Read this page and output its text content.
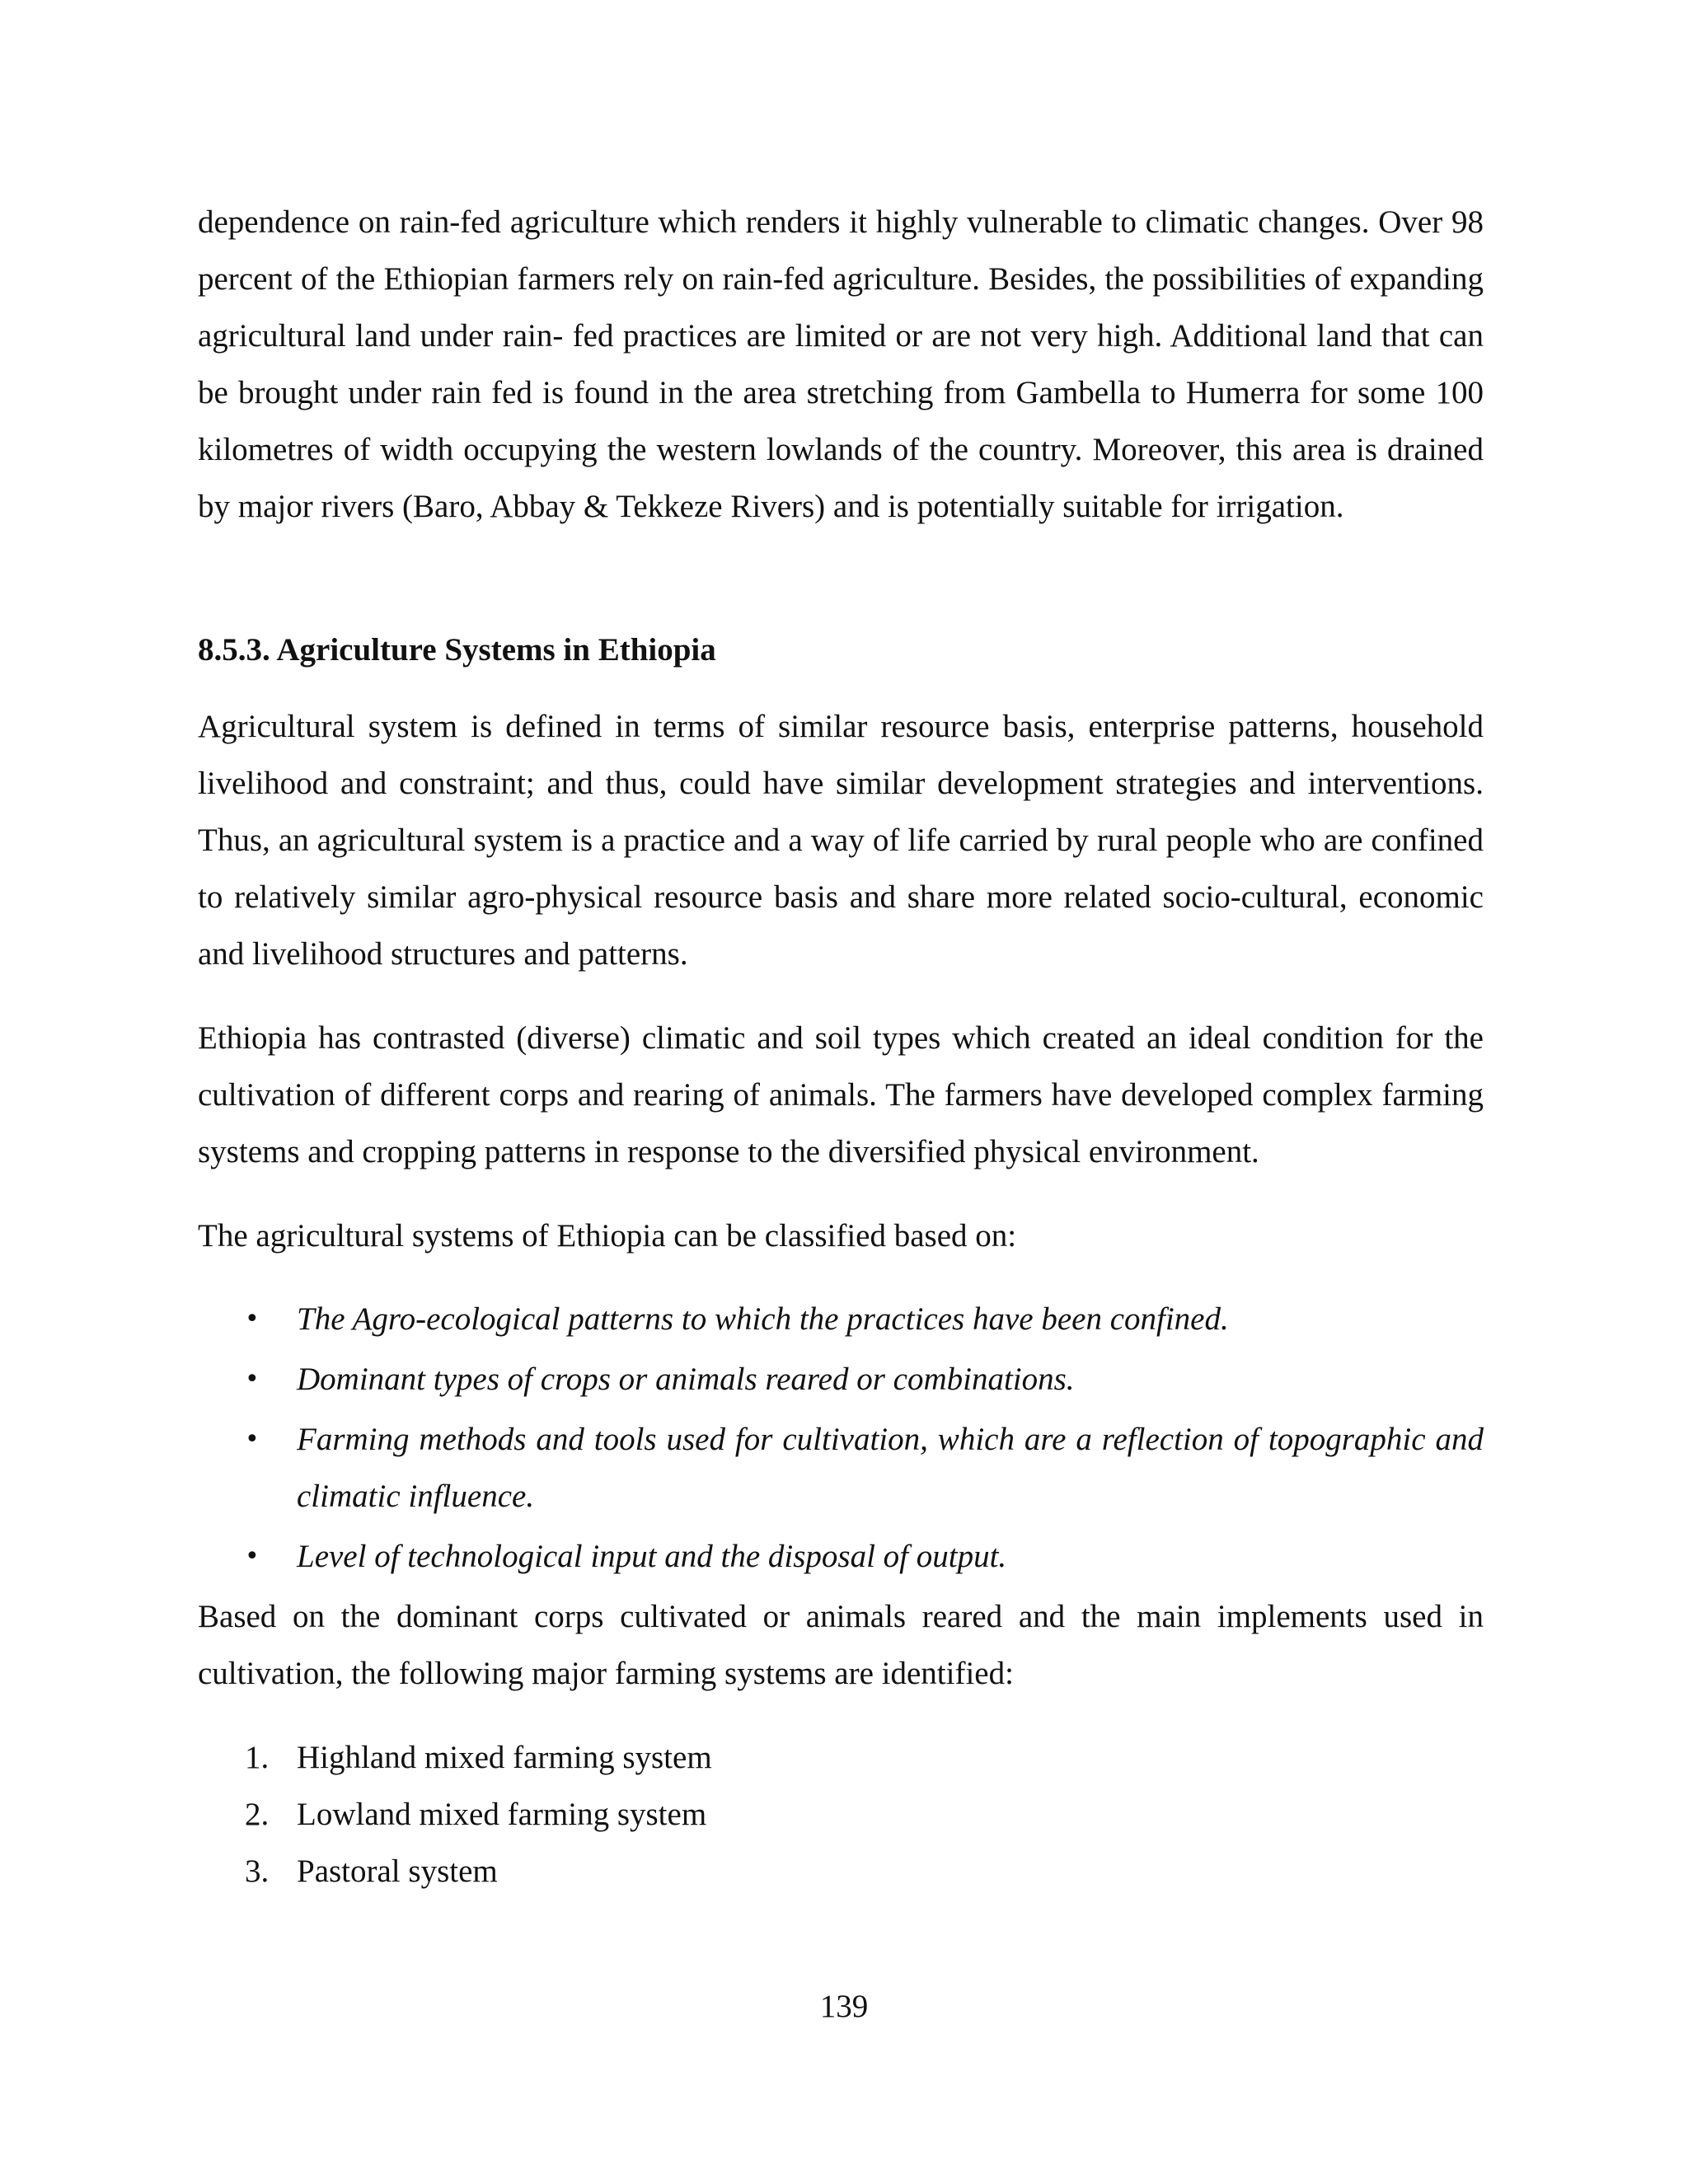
dependence on rain-fed agriculture which renders it highly vulnerable to climatic changes. Over 98 percent of the Ethiopian farmers rely on rain-fed agriculture. Besides, the possibilities of expanding agricultural land under rain- fed practices are limited or are not very high. Additional land that can be brought under rain fed is found in the area stretching from Gambella to Humerra for some 100 kilometres of width occupying the western lowlands of the country. Moreover, this area is drained by major rivers (Baro, Abbay & Tekkeze Rivers) and is potentially suitable for irrigation.

8.5.3. Agriculture Systems in Ethiopia

Agricultural system is defined in terms of similar resource basis, enterprise patterns, household livelihood and constraint; and thus, could have similar development strategies and interventions. Thus, an agricultural system is a practice and a way of life carried by rural people who are confined to relatively similar agro-physical resource basis and share more related socio-cultural, economic and livelihood structures and patterns.

Ethiopia has contrasted (diverse) climatic and soil types which created an ideal condition for the cultivation of different corps and rearing of animals. The farmers have developed complex farming systems and cropping patterns in response to the diversified physical environment.

The agricultural systems of Ethiopia can be classified based on:

• The Agro-ecological patterns to which the practices have been confined.
• Dominant types of crops or animals reared or combinations.
• Farming methods and tools used for cultivation, which are a reflection of topographic and climatic influence.
• Level of technological input and the disposal of output.

Based on the dominant corps cultivated or animals reared and the main implements used in cultivation, the following major farming systems are identified:

1. Highland mixed farming system
2. Lowland mixed farming system
3. Pastoral system
139
